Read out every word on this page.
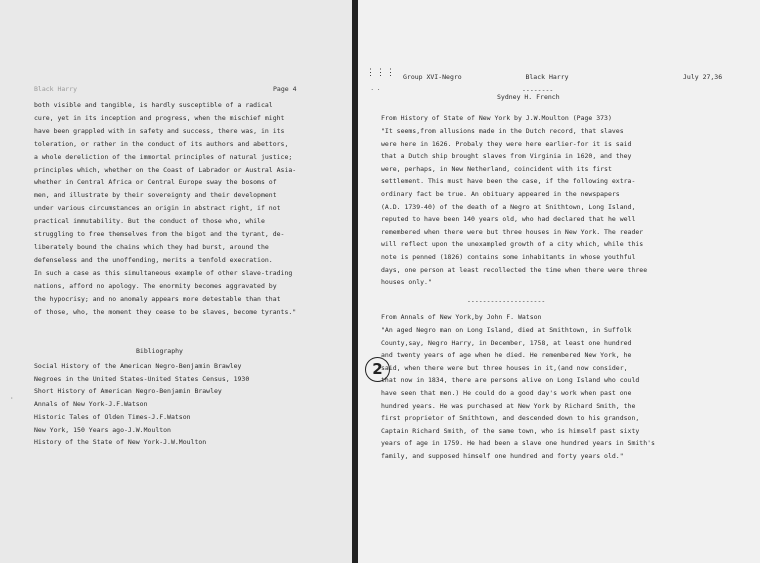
Black Harry	Page 4
both visible and tangible, is hardly susceptible of a radical
cure, yet in its inception and progress, when the mischief might
have been grappled with in safety and success, there was, in its
toleration, or rather in the conduct of its authors and abettors,
a whole dereliction of the immortal principles of natural justice;
principles which, whether on the Coast of Labrador or Austral Asia-
whether in Central Africa or Central Europe sway the bosoms of
men, and illustrate by their sovereignty and their development
under various circumstances an origin in abstract right, if not
practical immutability. But the conduct of those who, while
struggling to free themselves from the bigot and the tyrant, de-
liberately bound the chains which they had burst, around the
defenseless and the unoffending, merits a tenfold execration.
In such a case as this simultaneous example of other slave-trading
nations, afford no apology. The enormity becomes aggravated by
the hypocrisy; and no anomaly appears more detestable than that
of those, who, the moment they cease to be slaves, become tyrants."
Bibliography
Social History of the American Negro-Benjamin Brawley
Negroes in the United States-United States Census, 1930
Short History of American Negro-Benjamin Brawley
Annals of New York-J.F.Watson
Historic Tales of Olden Times-J.F.Watson
New York, 150 Years ago-J.W.Moulton
History of the State of New York-J.W.Moulton
·
⋮⋮⋮
․ ․
Group XVI-Negro	Black Harry
--------
Sydney H. French
July 27,36
From History of State of New York by J.W.Moulton (Page 373)
"It seems,from allusions made in the Dutch record, that slaves
were here in 1626. Probaly they were here earlier-for it is said
that a Dutch ship brought slaves from Virginia in 1620, and they
were, perhaps, in New Netherland, coincident with its first
settlement. This must have been the case, if the following extra-
ordinary fact be true. An obituary appeared in the newspapers
(A.D. 1739-40) of the death of a Negro at Snithtown, Long Island,
reputed to have been 140 years old, who had declared that he well
remembered when there were but three houses in New York. The reader
will reflect upon the unexampled growth of a city which, while this
note is penned (1826) contains some inhabitants in whose youthful
days, one person at least recollected the time when there were three
houses only."
--------------------
From Annals of New York,by John F. Watson
"An aged Negro man on Long Island, died at Smithtown, in Suffolk
County,say, Negro Harry, in December, 1758, at least one hundred
and twenty years of age when he died. He remembered New York, he
said, when there were but three houses in it,(and now consider,
that now in 1834, there are persons alive on Long Island who could
have seen that men.) He could do a good day's work when past one
hundred years. He was purchased at New York by Richard Smith, the
first proprietor of Smithtown, and descended down to his grandson,
Captain Richard Smith, of the same town, who is himself past sixty
years of age in 1759. He had been a slave one hundred years in Smith's
family, and supposed himself one hundred and forty years old."
2
